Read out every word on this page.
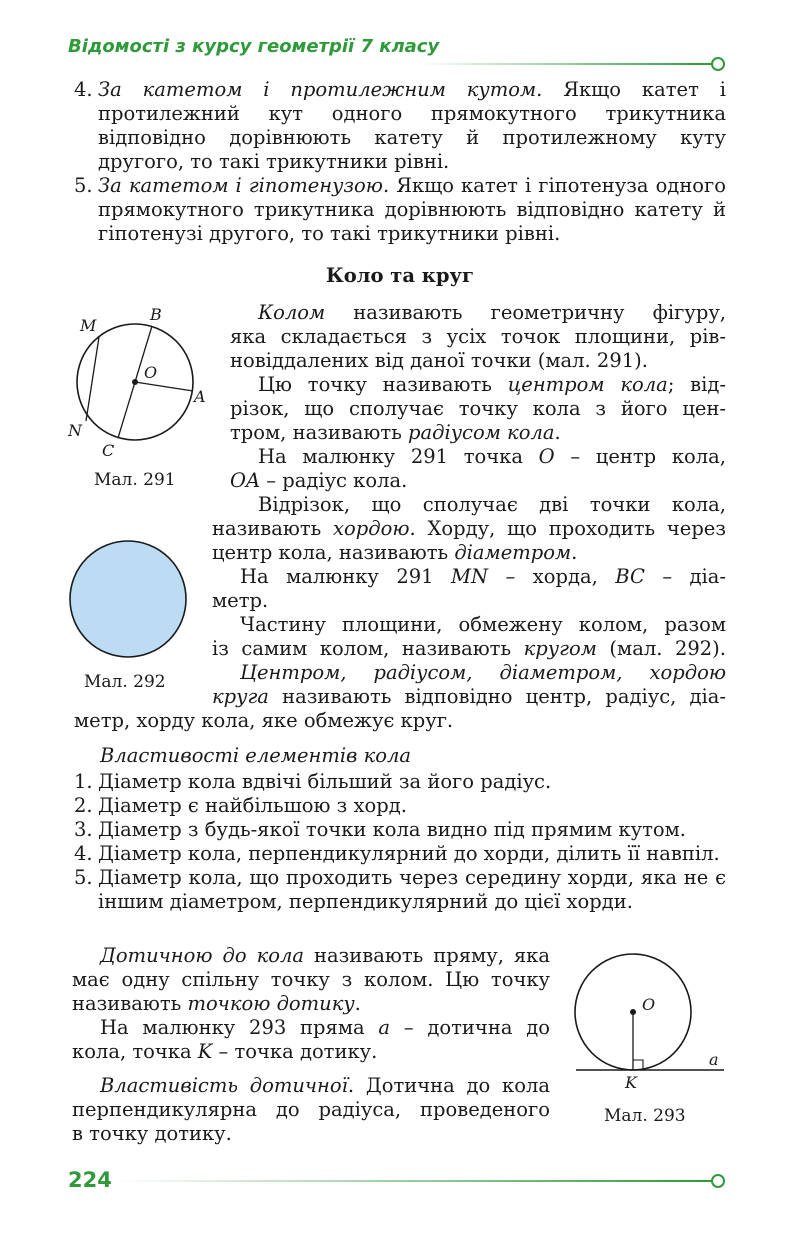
Відомості з курсу геометрії 7 класу

4. За катетом і протилежним кутом. Якщо катет і протилежний кут одного прямокутного трикутника відповідно дорівнюють катету й протилежному куту другого, то такі трикутники рівні.
5. За катетом і гіпотенузою. Якщо катет і гіпотенуза одного прямокутного трикутника дорівнюють відповідно катету й гіпотенузі другого, то такі трикутники рівні.

Коло та круг

M
B
O
A
N
C

Мал. 291

Мал. 292

Колом називають геометричну фігуру,

яка складається з усіх точок площини, рів-

новіддалених від даної точки (мал. 291).

Цю точку називають центром кола; від-

різок, що сполучає точку кола з його цен-

тром, називають радіусом кола.

На малюнку 291 точка O – центр кола,

OA – радіус кола.

Відрізок, що сполучає дві точки кола,

називають хордою. Хорду, що проходить через

центр кола, називають діаметром.

На малюнку 291 MN – хорда, BC – діа-

метр.

Частину площини, обмежену колом, разом

із самим колом, називають кругом (мал. 292).

Центром, радіусом, діаметром, хордою

круга називають відповідно центр, радіус, діа-

метр, хорду кола, яке обмежує круг.

Властивості елементів кола

1. Діаметр кола вдвічі більший за його радіус.
2. Діаметр є найбільшою з хорд.
3. Діаметр з будь-якої точки кола видно під прямим кутом.
4. Діаметр кола, перпендикулярний до хорди, ділить її навпіл.
5. Діаметр кола, що проходить через середину хорди, яка не є іншим діаметром, перпендикулярний до цієї хорди.

Дотичною до кола називають пряму, яка

має одну спільну точку з колом. Цю точку

називають точкою дотику.

На малюнку 293 пряма a – дотична до

кола, точка K – точка дотику.

Властивість дотичної. Дотична до кола

перпендикулярна до радіуса, проведеного

в точку дотику.

O
K
a

Мал. 293

224
